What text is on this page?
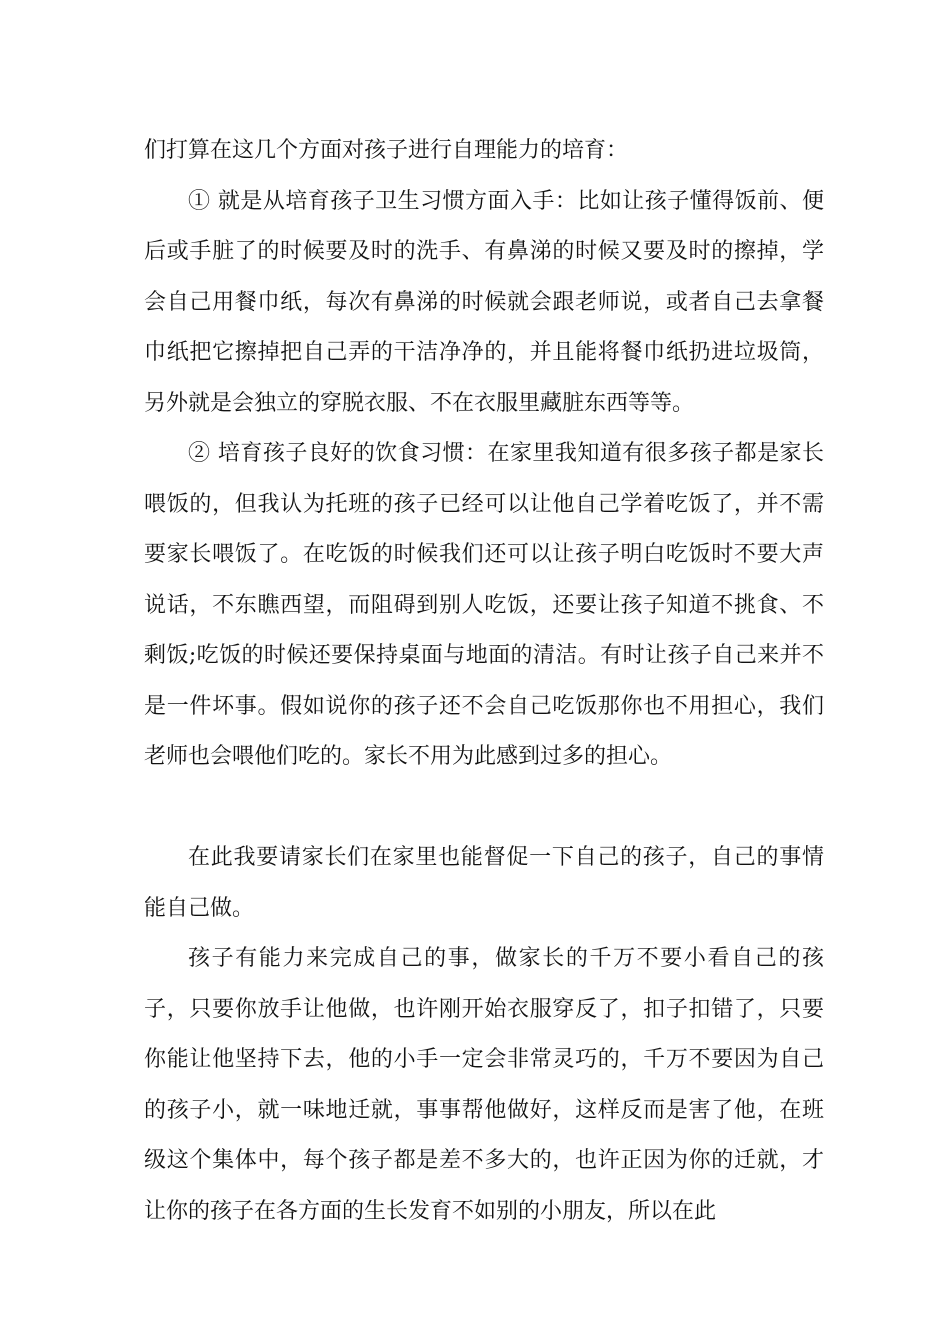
们打算在这几个方面对孩子进行自理能力的培育：

① 就是从培育孩子卫生习惯方面入手：比如让孩子懂得饭前、便后或手脏了的时候要及时的洗手、有鼻涕的时候又要及时的擦掉，学会自己用餐巾纸，每次有鼻涕的时候就会跟老师说，或者自己去拿餐巾纸把它擦掉把自己弄的干洁净净的，并且能将餐巾纸扔进垃圾筒，另外就是会独立的穿脱衣服、不在衣服里藏脏东西等等。

② 培育孩子良好的饮食习惯：在家里我知道有很多孩子都是家长喂饭的，但我认为托班的孩子已经可以让他自己学着吃饭了，并不需要家长喂饭了。在吃饭的时候我们还可以让孩子明白吃饭时不要大声说话，不东瞧西望，而阻碍到别人吃饭，还要让孩子知道不挑食、不剩饭;吃饭的时候还要保持桌面与地面的清洁。有时让孩子自己来并不是一件坏事。假如说你的孩子还不会自己吃饭那你也不用担心，我们老师也会喂他们吃的。家长不用为此感到过多的担心。

在此我要请家长们在家里也能督促一下自己的孩子，自己的事情能自己做。

孩子有能力来完成自己的事，做家长的千万不要小看自己的孩子，只要你放手让他做，也许刚开始衣服穿反了，扣子扣错了，只要你能让他坚持下去，他的小手一定会非常灵巧的，千万不要因为自己的孩子小，就一味地迁就，事事帮他做好，这样反而是害了他，在班级这个集体中，每个孩子都是差不多大的，也许正因为你的迁就，才让你的孩子在各方面的生长发育不如别的小朋友，所以在此
